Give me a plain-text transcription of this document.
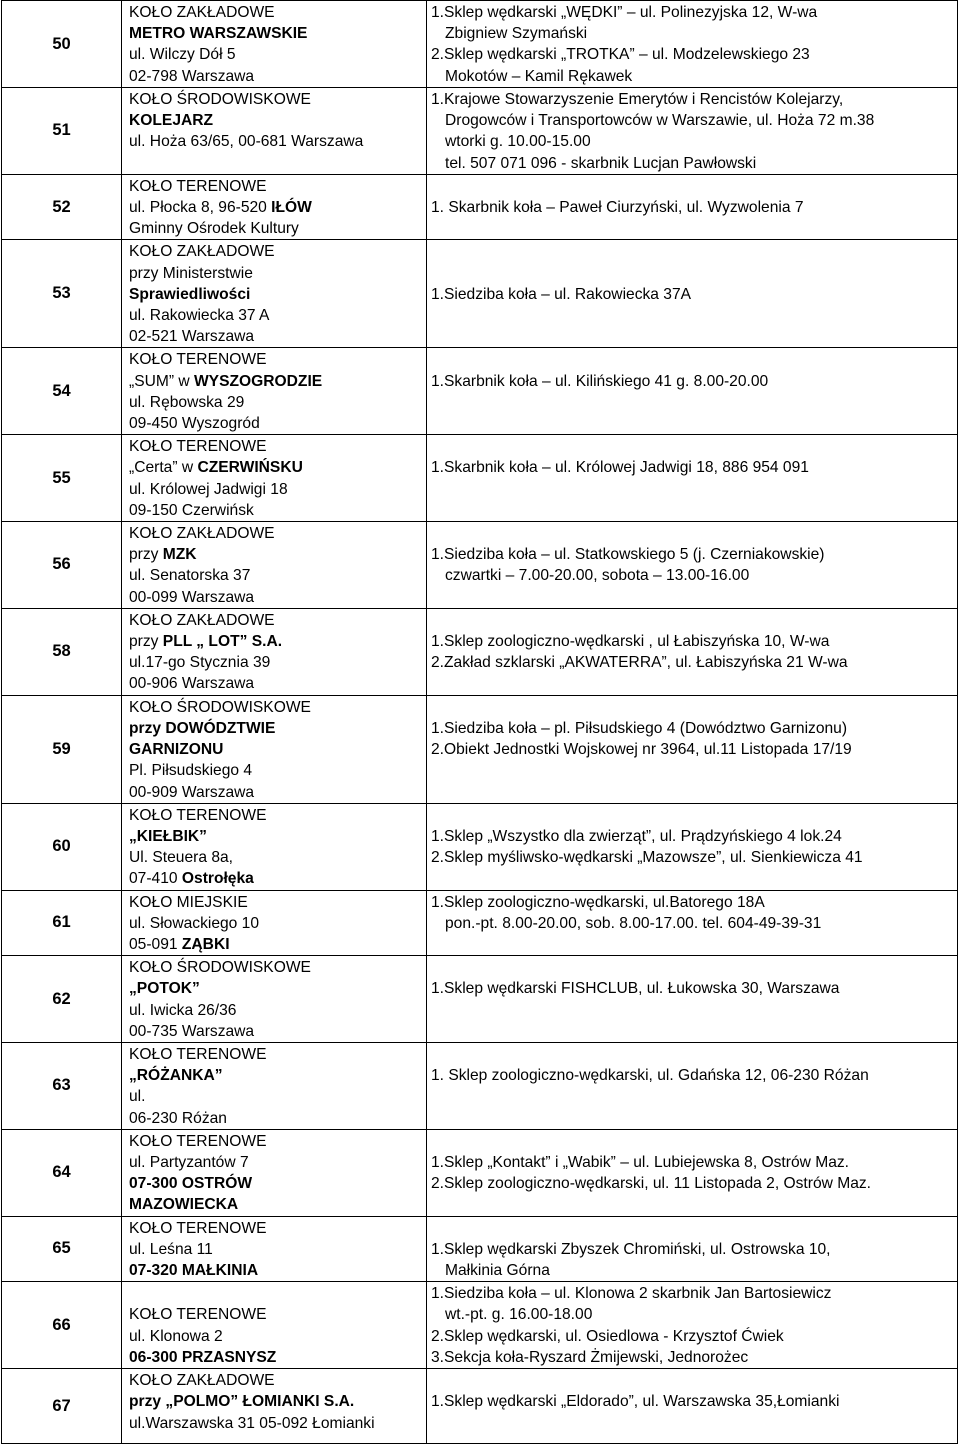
50	KOŁO ZAKŁADOWE
METRO WARSZAWSKIE
ul. Wilczy Dół 5
02-798 Warszawa	1.Sklep wędkarski „WĘDKI” – ul. Polinezyjska 12, W-wa
Zbigniew Szymański
2.Sklep wędkarski „TROTKA” – ul. Modzelewskiego 23
Mokotów – Kamil Rękawek

51	KOŁO ŚRODOWISKOWE
KOLEJARZ
ul. Hoża 63/65, 00-681 Warszawa	1.Krajowe Stowarzyszenie Emerytów i Rencistów Kolejarzy,
Drogowców i Transportowców w Warszawie, ul. Hoża 72 m.38
wtorki g. 10.00-15.00
tel. 507 071 096 - skarbnik Lucjan Pawłowski

52	KOŁO TERENOWE
ul. Płocka 8, 96-520 IŁÓW
Gminny Ośrodek Kultury	1. Skarbnik koła – Paweł Ciurzyński, ul. Wyzwolenia 7

53	KOŁO ZAKŁADOWE
przy Ministerstwie
Sprawiedliwości
ul. Rakowiecka 37 A
02-521 Warszawa	1.Siedziba koła – ul. Rakowiecka 37A

54	KOŁO TERENOWE
„SUM” w WYSZOGRODZIE
ul. Rębowska 29
09-450 Wyszogród	1.Skarbnik koła – ul. Kilińskiego 41 g. 8.00-20.00

55	KOŁO TERENOWE
„Certa” w CZERWIŃSKU
ul. Królowej Jadwigi 18
09-150 Czerwińsk	1.Skarbnik koła – ul. Królowej Jadwigi 18, 886 954 091

56	KOŁO ZAKŁADOWE
przy MZK
ul. Senatorska 37
00-099 Warszawa	1.Siedziba koła – ul. Statkowskiego 5 (j. Czerniakowskie)
czwartki – 7.00-20.00, sobota – 13.00-16.00

58	KOŁO ZAKŁADOWE
przy PLL „ LOT” S.A.
ul.17-go Stycznia 39
00-906 Warszawa	1.Sklep zoologiczno-wędkarski , ul Łabiszyńska 10, W-wa
2.Zakład szklarski „AKWATERRA”, ul. Łabiszyńska 21 W-wa

59	KOŁO ŚRODOWISKOWE
przy DOWÓDZTWIE
GARNIZONU
Pl. Piłsudskiego 4
00-909 Warszawa	1.Siedziba koła – pl. Piłsudskiego 4 (Dowództwo Garnizonu)
2.Obiekt Jednostki Wojskowej nr 3964, ul.11 Listopada 17/19

60	KOŁO TERENOWE
„KIEŁBIK”
Ul. Steuera 8a,
07-410 Ostrołęka	1.Sklep „Wszystko dla zwierząt”, ul. Prądzyńskiego 4 lok.24
2.Sklep myśliwsko-wędkarski „Mazowsze”, ul. Sienkiewicza 41

61	KOŁO MIEJSKIE
ul. Słowackiego 10
05-091 ZĄBKI	1.Sklep zoologiczno-wędkarski, ul.Batorego 18A
pon.-pt. 8.00-20.00, sob. 8.00-17.00. tel. 604-49-39-31

62	KOŁO ŚRODOWISKOWE
„POTOK”
ul. Iwicka 26/36
00-735 Warszawa	1.Sklep wędkarski FISHCLUB, ul. Łukowska 30, Warszawa

63	KOŁO TERENOWE
„RÓŻANKA”
ul.
06-230 Różan	1. Sklep zoologiczno-wędkarski, ul. Gdańska 12, 06-230 Różan

64	KOŁO TERENOWE
ul. Partyzantów 7
07-300 OSTRÓW
MAZOWIECKA	1.Sklep „Kontakt” i „Wabik” – ul. Lubiejewska 8, Ostrów Maz.
2.Sklep zoologiczno-wędkarski, ul. 11 Listopada 2, Ostrów Maz.

65	KOŁO TERENOWE
ul. Leśna 11
07-320 MAŁKINIA	1.Sklep wędkarski Zbyszek Chromiński, ul. Ostrowska 10,
Małkinia Górna

66	KOŁO TERENOWE
ul. Klonowa 2
06-300 PRZASNYSZ	1.Siedziba koła – ul. Klonowa 2 skarbnik Jan Bartosiewicz
wt.-pt. g. 16.00-18.00
2.Sklep wędkarski, ul. Osiedlowa - Krzysztof Ćwiek
3.Sekcja koła-Ryszard Żmijewski, Jednorożec

67	KOŁO ZAKŁADOWE
przy „POLMO” ŁOMIANKI S.A.
ul.Warszawska 31 05-092 Łomianki	1.Sklep wędkarski „Eldorado”, ul. Warszawska 35,Łomianki
